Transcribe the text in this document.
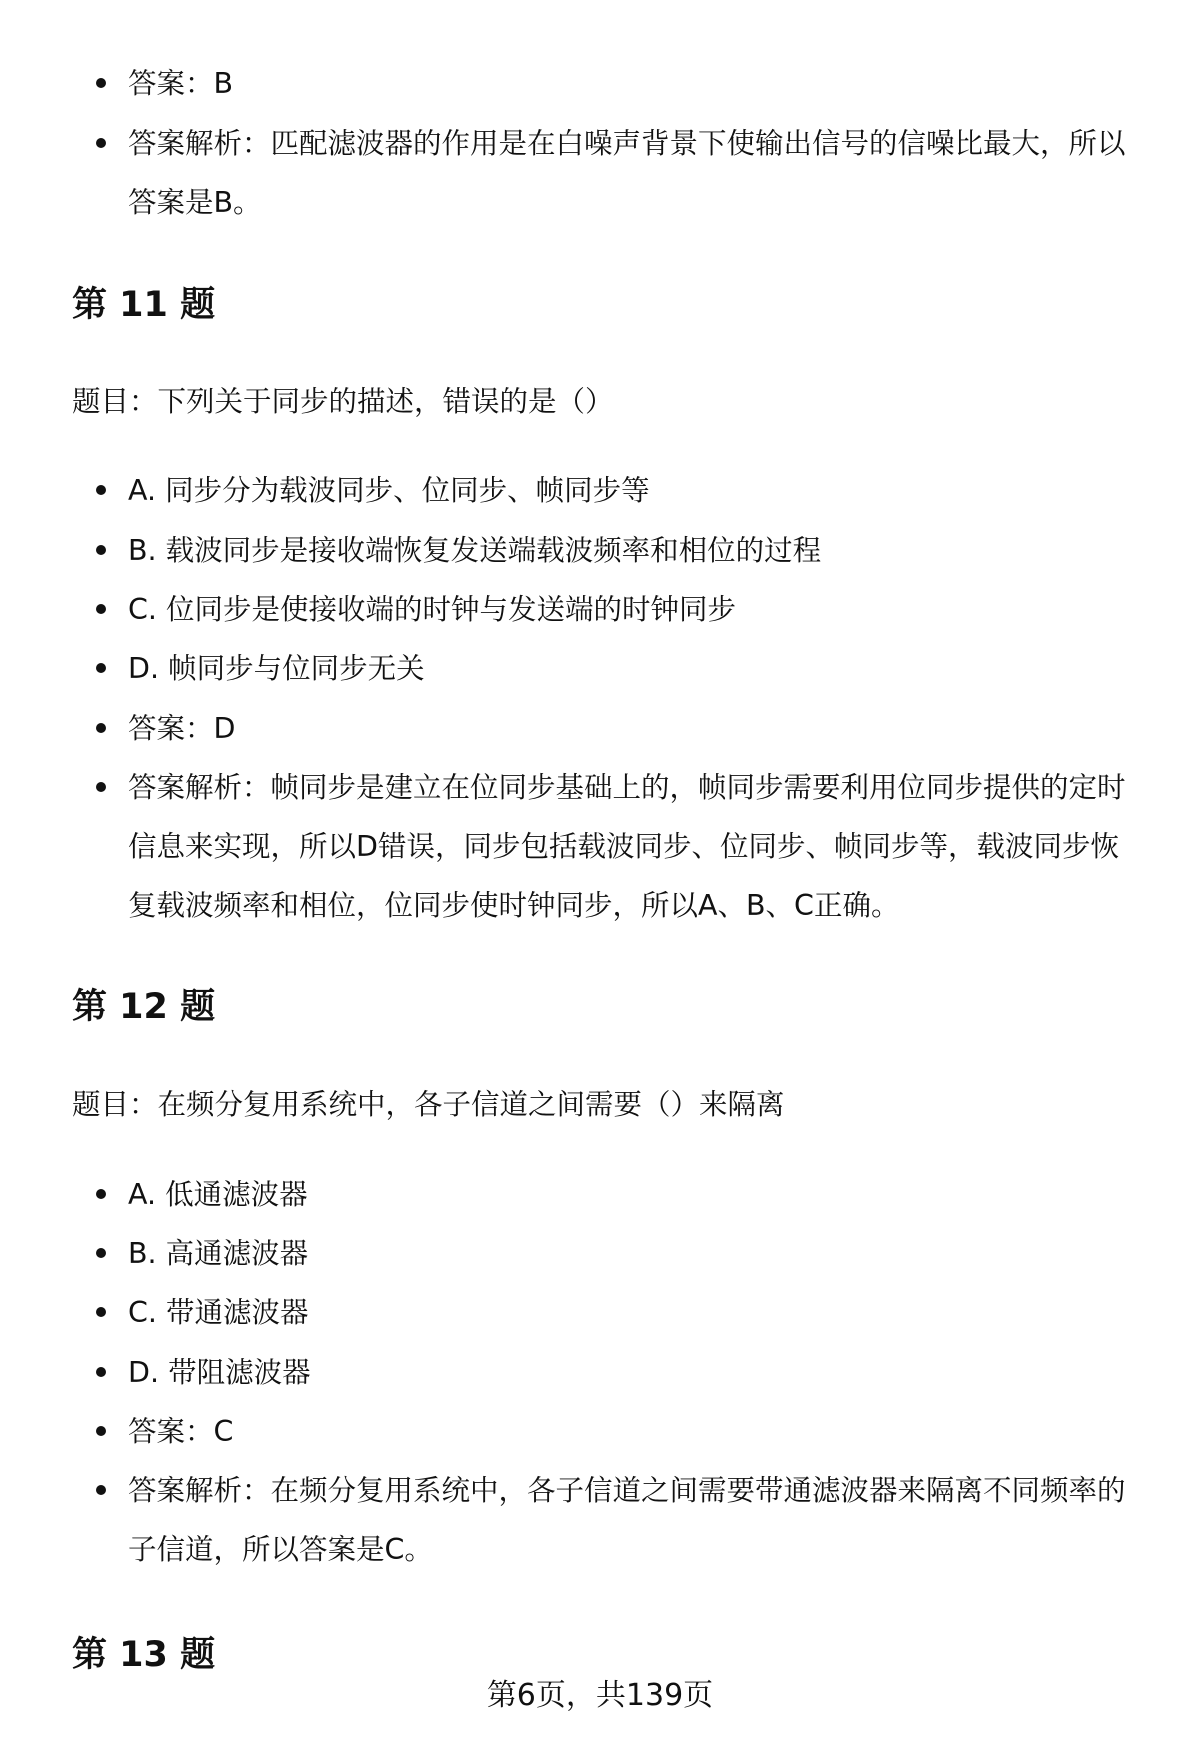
答案：B
答案解析：匹配滤波器的作用是在白噪声背景下使输出信号的信噪比最大，所以答案是B。
第 11 题
题目：下列关于同步的描述，错误的是（）
A. 同步分为载波同步、位同步、帧同步等
B. 载波同步是接收端恢复发送端载波频率和相位的过程
C. 位同步是使接收端的时钟与发送端的时钟同步
D. 帧同步与位同步无关
答案：D
答案解析：帧同步是建立在位同步基础上的，帧同步需要利用位同步提供的定时信息来实现，所以D错误，同步包括载波同步、位同步、帧同步等，载波同步恢复载波频率和相位，位同步使时钟同步，所以A、B、C正确。
第 12 题
题目：在频分复用系统中，各子信道之间需要（）来隔离
A. 低通滤波器
B. 高通滤波器
C. 带通滤波器
D. 带阻滤波器
答案：C
答案解析：在频分复用系统中，各子信道之间需要带通滤波器来隔离不同频率的子信道，所以答案是C。
第 13 题
第6页，共139页
